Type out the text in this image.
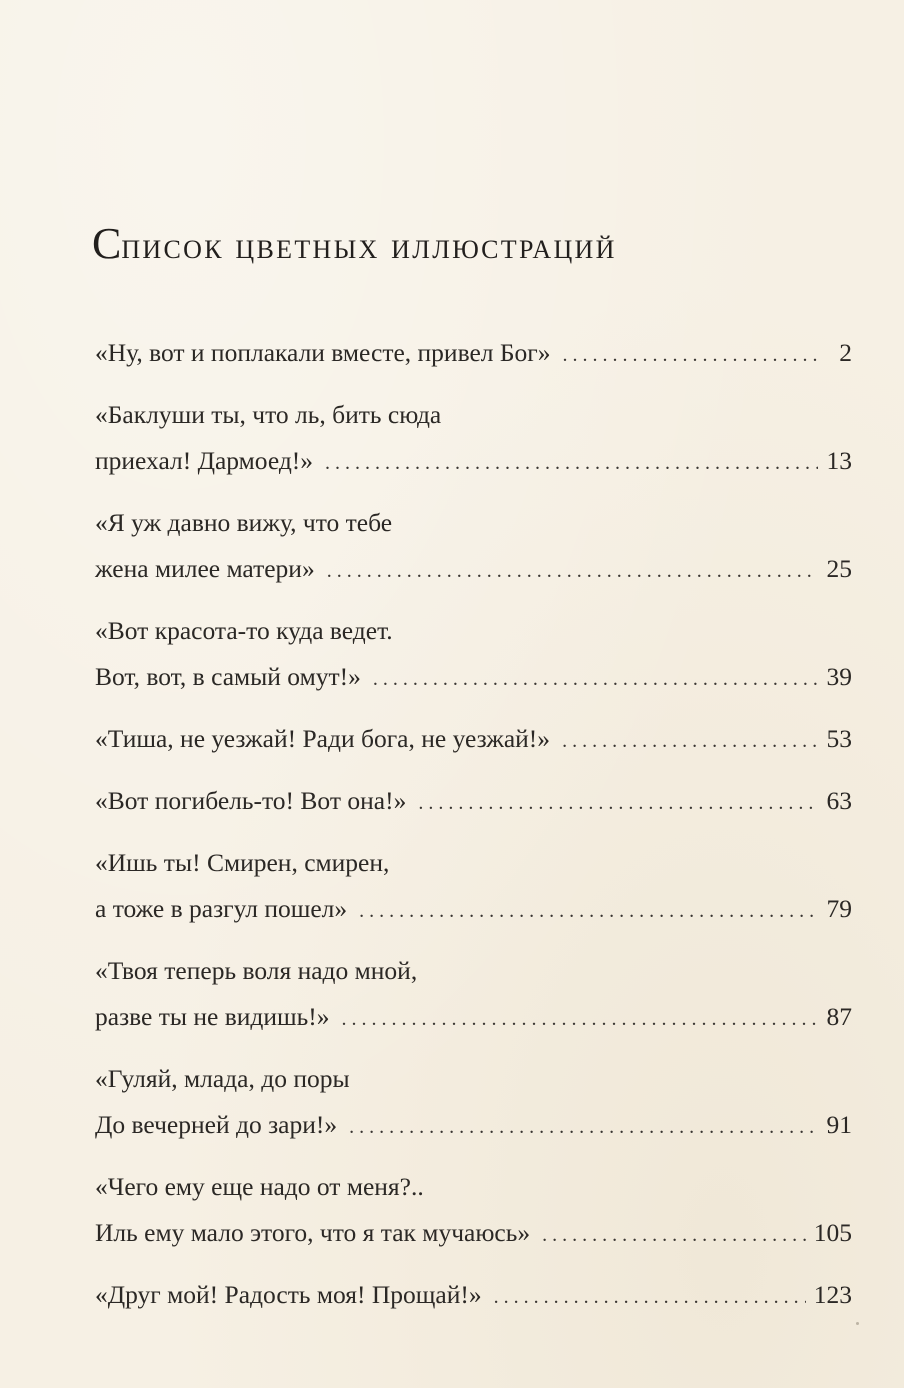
Список цветных иллюстраций
«Ну, вот и поплакали вместе, привел Бог» . . .	2
«Баклуши ты, что ль, бить сюда
приехал! Дармоед!» . . .	13
«Я уж давно вижу, что тебе
жена милее матери» . . .	25
«Вот красота-то куда ведет.
Вот, вот, в самый омут!» . . .	39
«Тиша, не уезжай! Ради бога, не уезжай!» . . .	53
«Вот погибель-то! Вот она!» . . .	63
«Ишь ты! Смирен, смирен,
а тоже в разгул пошел» . . .	79
«Твоя теперь воля надо мной,
разве ты не видишь!» . . .	87
«Гуляй, млада, до поры
До вечерней до зари!» . . .	91
«Чего ему еще надо от меня?..
Иль ему мало этого, что я так мучаюсь» . . .	105
«Друг мой! Радость моя! Прощай!» . . .	123
